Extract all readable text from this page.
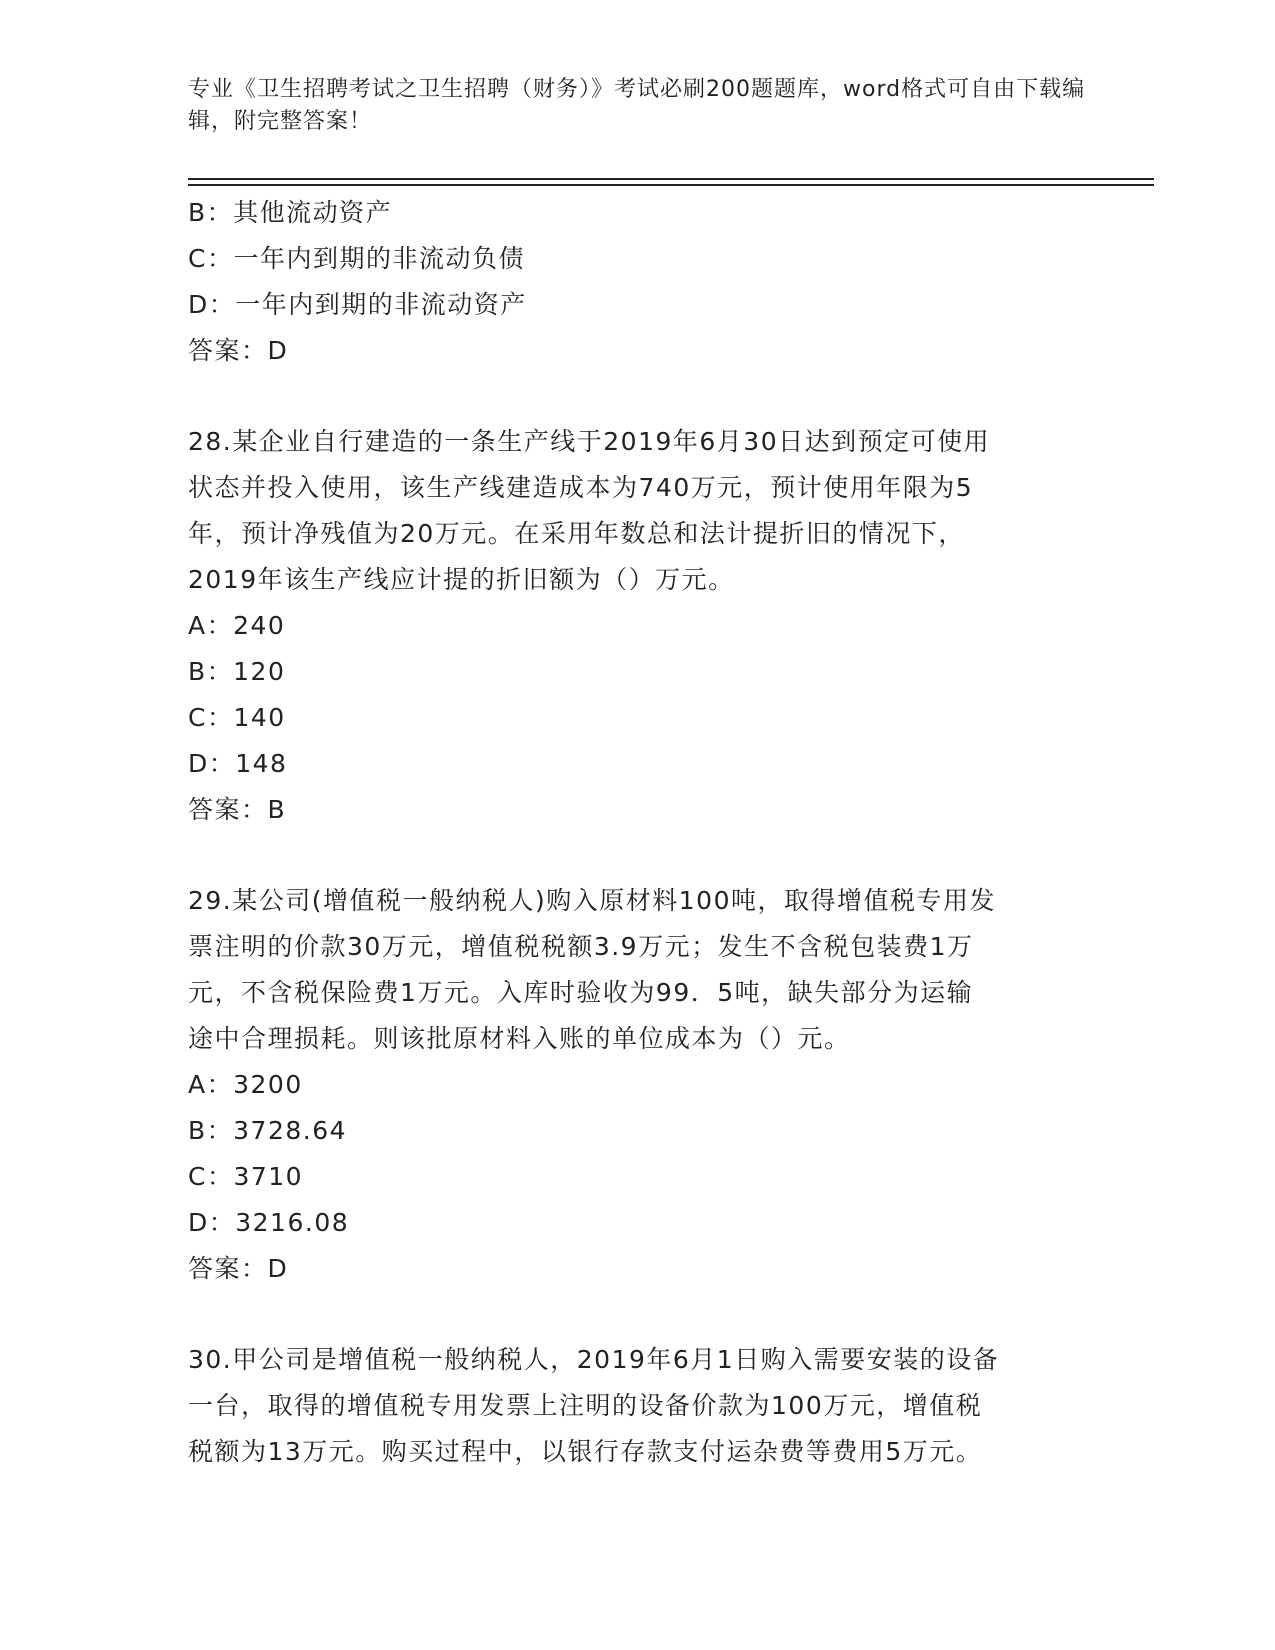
专业《卫生招聘考试之卫生招聘（财务）》考试必刷200题题库，word格式可自由下载编辑，附完整答案！
B：其他流动资产
C：一年内到期的非流动负债
D：一年内到期的非流动资产
答案：D
28.某企业自行建造的一条生产线于2019年6月30日达到预定可使用
状态并投入使用，该生产线建造成本为740万元，预计使用年限为5
年，预计净残值为20万元。在采用年数总和法计提折旧的情况下，
2019年该生产线应计提的折旧额为（）万元。
A：240
B：120
C：140
D：148
答案：B
29.某公司(增值税一般纳税人)购入原材料100吨，取得增值税专用发
票注明的价款30万元，增值税税额3.9万元；发生不含税包装费1万
元，不含税保险费1万元。入库时验收为99．5吨，缺失部分为运输
途中合理损耗。则该批原材料入账的单位成本为（）元。
A：3200
B：3728.64
C：3710
D：3216.08
答案：D
30.甲公司是增值税一般纳税人，2019年6月1日购入需要安装的设备
一台，取得的增值税专用发票上注明的设备价款为100万元，增值税
税额为13万元。购买过程中，以银行存款支付运杂费等费用5万元。
